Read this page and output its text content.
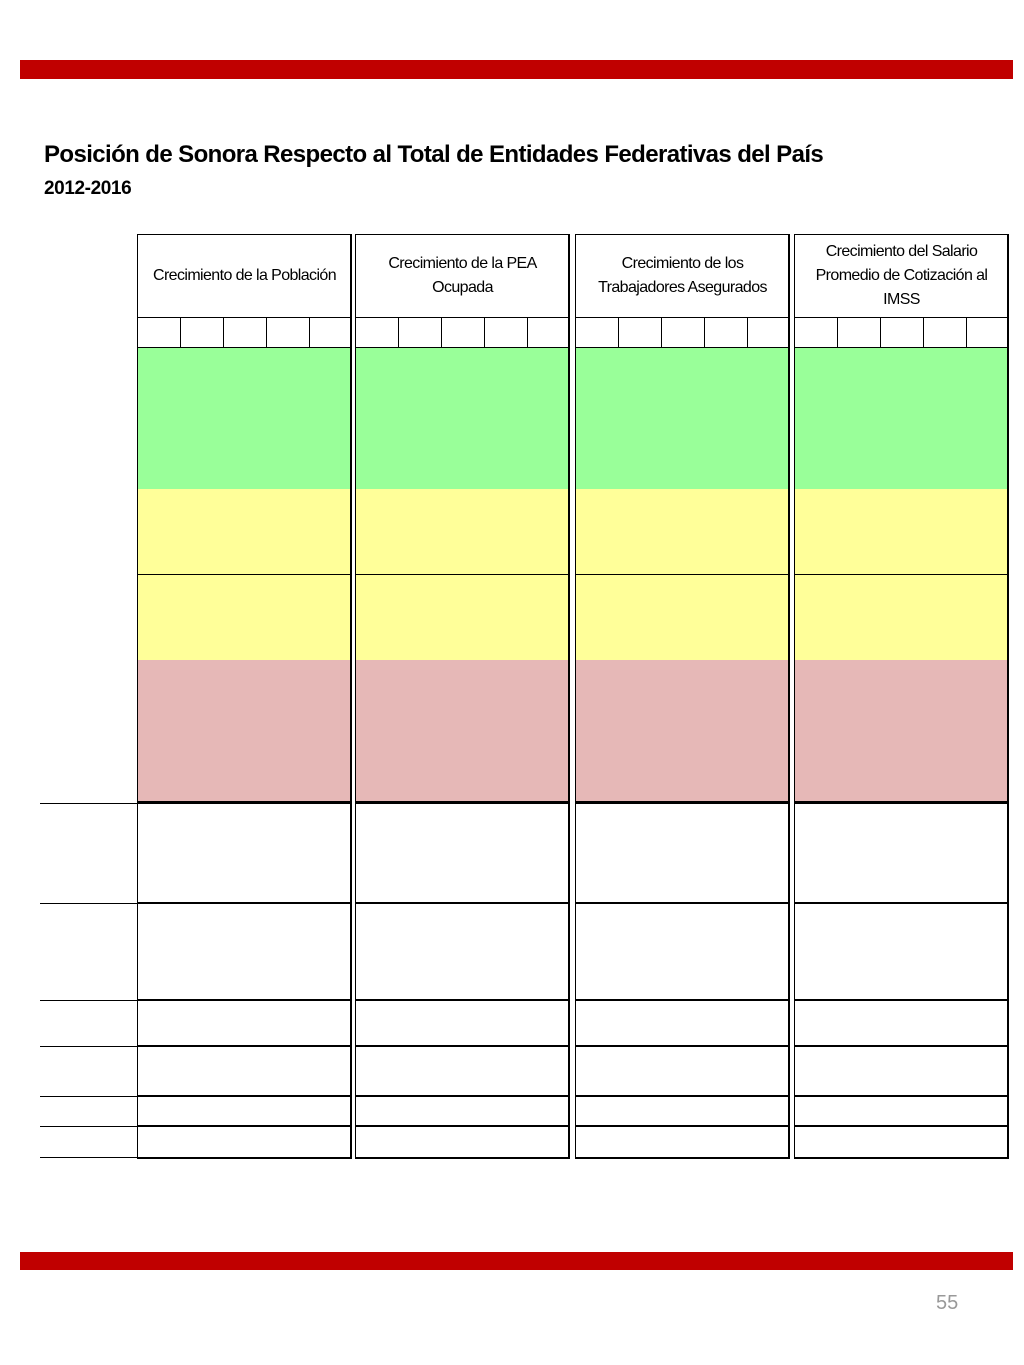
Posición de Sonora Respecto al Total de Entidades Federativas del País
2012-2016
Crecimiento de la Población
Crecimiento de la PEA
Ocupada
Crecimiento de los
Trabajadores Asegurados
Crecimiento del Salario
Promedio de Cotización al
IMSS
55
